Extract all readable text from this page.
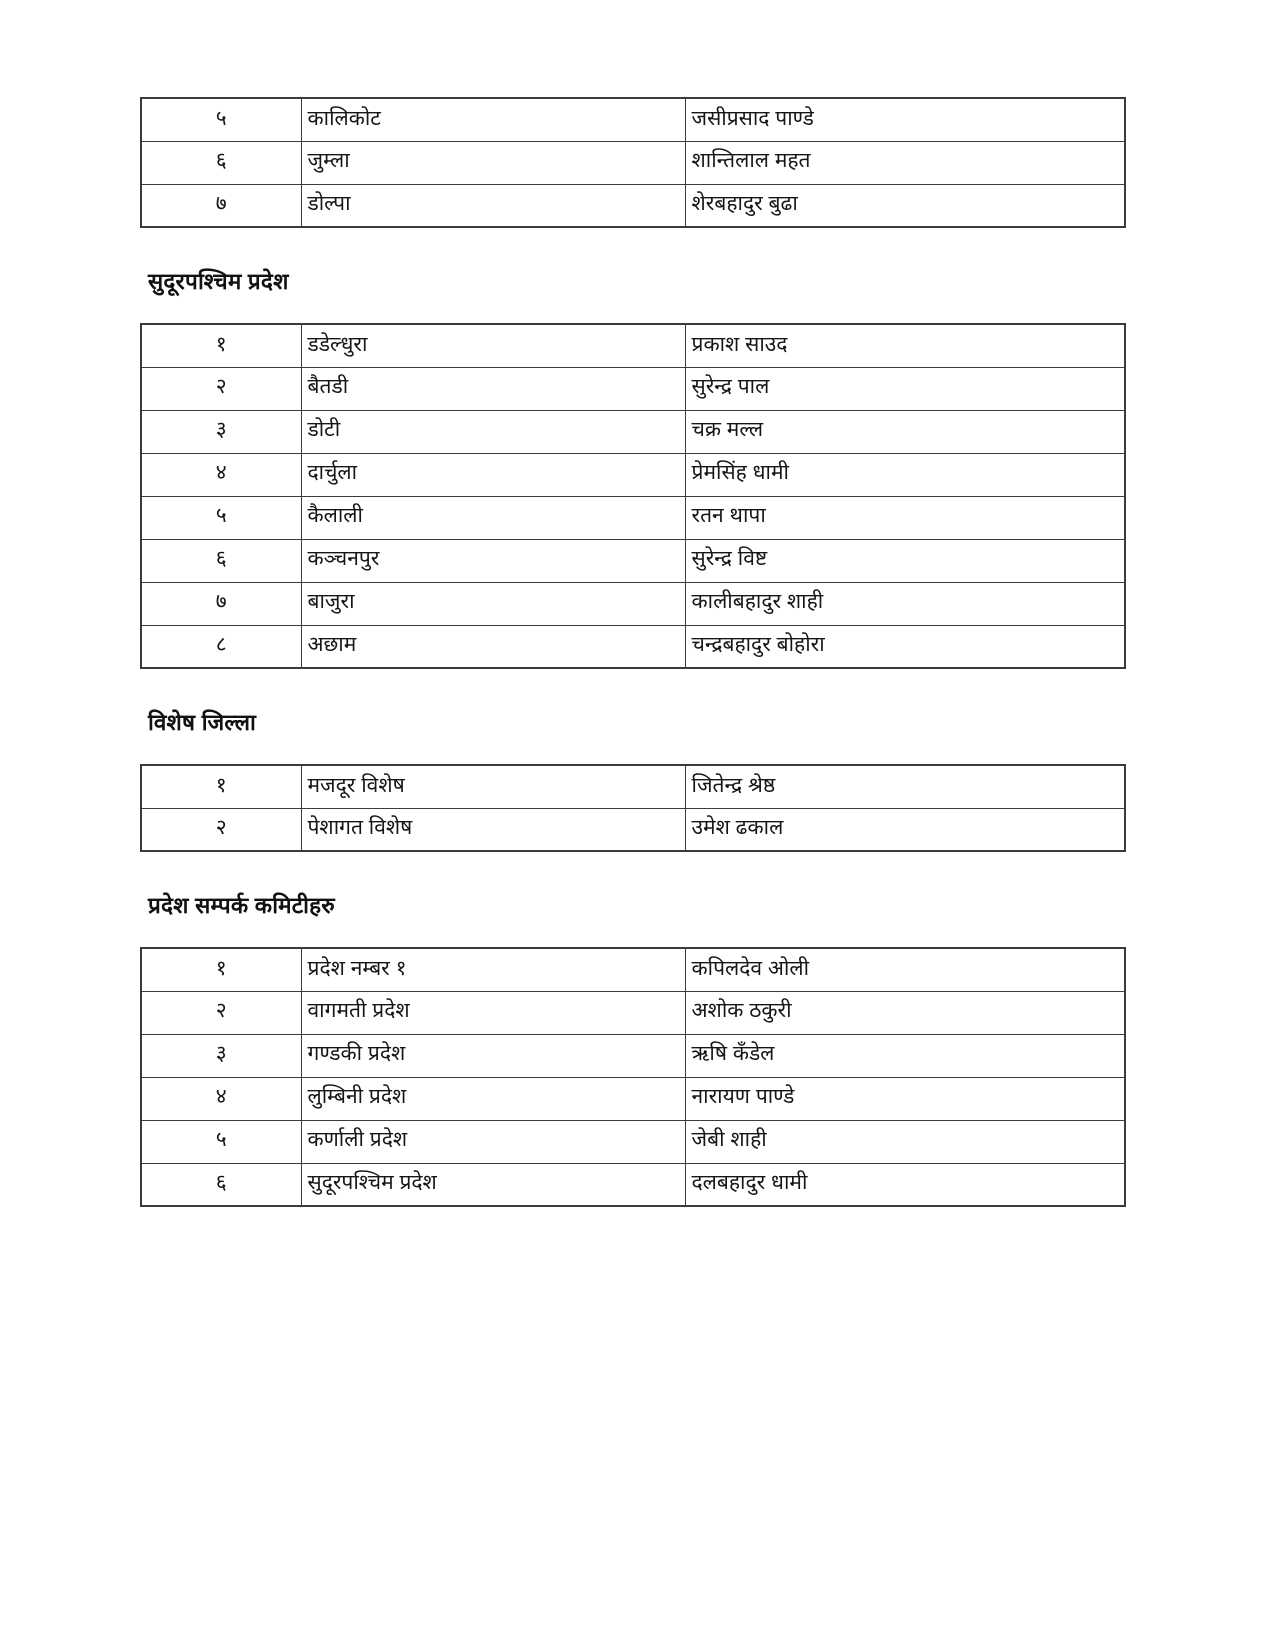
५	कालिकोट	जसीप्रसाद पाण्डे
६	जुम्ला	शान्तिलाल महत
७	डोल्पा	शेरबहादुर बुढा
सुदूरपश्चिम प्रदेश
१	डडेल्धुरा	प्रकाश साउद
२	बैतडी	सुरेन्द्र पाल
३	डोटी	चक्र मल्ल
४	दार्चुला	प्रेमसिंह धामी
५	कैलाली	रतन थापा
६	कञ्चनपुर	सुरेन्द्र विष्ट
७	बाजुरा	कालीबहादुर शाही
८	अछाम	चन्द्रबहादुर बोहोरा
विशेष जिल्ला
१	मजदूर विशेष	जितेन्द्र श्रेष्ठ
२	पेशागत विशेष	उमेश ढकाल
प्रदेश सम्पर्क कमिटीहरु
१	प्रदेश नम्बर १	कपिलदेव ओली
२	वागमती प्रदेश	अशोक ठकुरी
३	गण्डकी प्रदेश	ऋषि कँडेल
४	लुम्बिनी प्रदेश	नारायण पाण्डे
५	कर्णाली प्रदेश	जेबी शाही
६	सुदूरपश्चिम प्रदेश	दलबहादुर धामी
